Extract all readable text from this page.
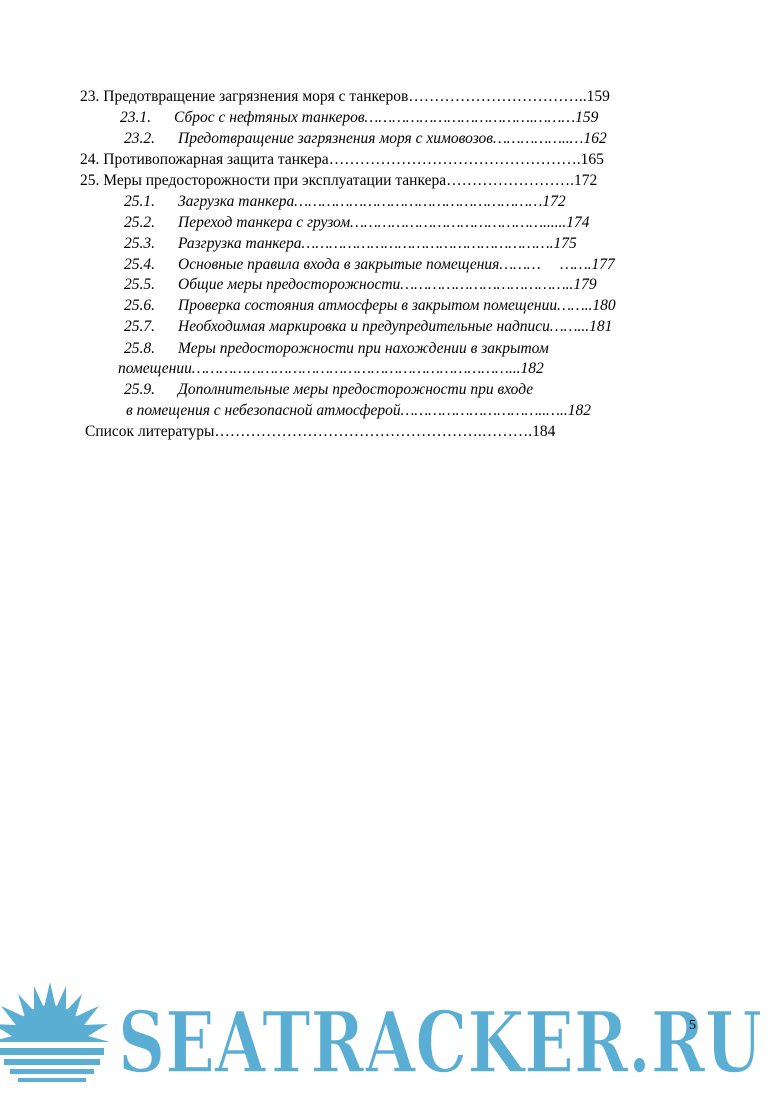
23. Предотвращение загрязнения моря с танкеров……………………………..159
23.1. Сброс с нефтяных танкеров……………………………….………159
23.2. Предотвращение загрязнения моря с химовозов……………..…162
24. Противопожарная защита танкера………………………………………….165
25. Меры предосторожности при эксплуатации танкера…………………….172
25.1. Загрузка танкера………………………………………………172
25.2. Переход танкера с грузом……………………………………......174
25.3. Разгрузка танкера……………………………………………….175
25.4. Основные правила входа в закрытые помещения………     …….177
25.5. Общие меры предосторожности………………………………..179
25.6. Проверка состояния атмосферы в закрытом помещении……..180
25.7. Необходимая маркировка и предупредительные надписи……...181
25.8. Меры предосторожности при нахождении в закрытом
помещении……………………………………………………………...182
25.9. Дополнительные меры предосторожности при входе
в помещения с небезопасной атмосферой…………………………..…..182
Список литературы…………………………………………….……….184
SEATRACKER.RU
5
